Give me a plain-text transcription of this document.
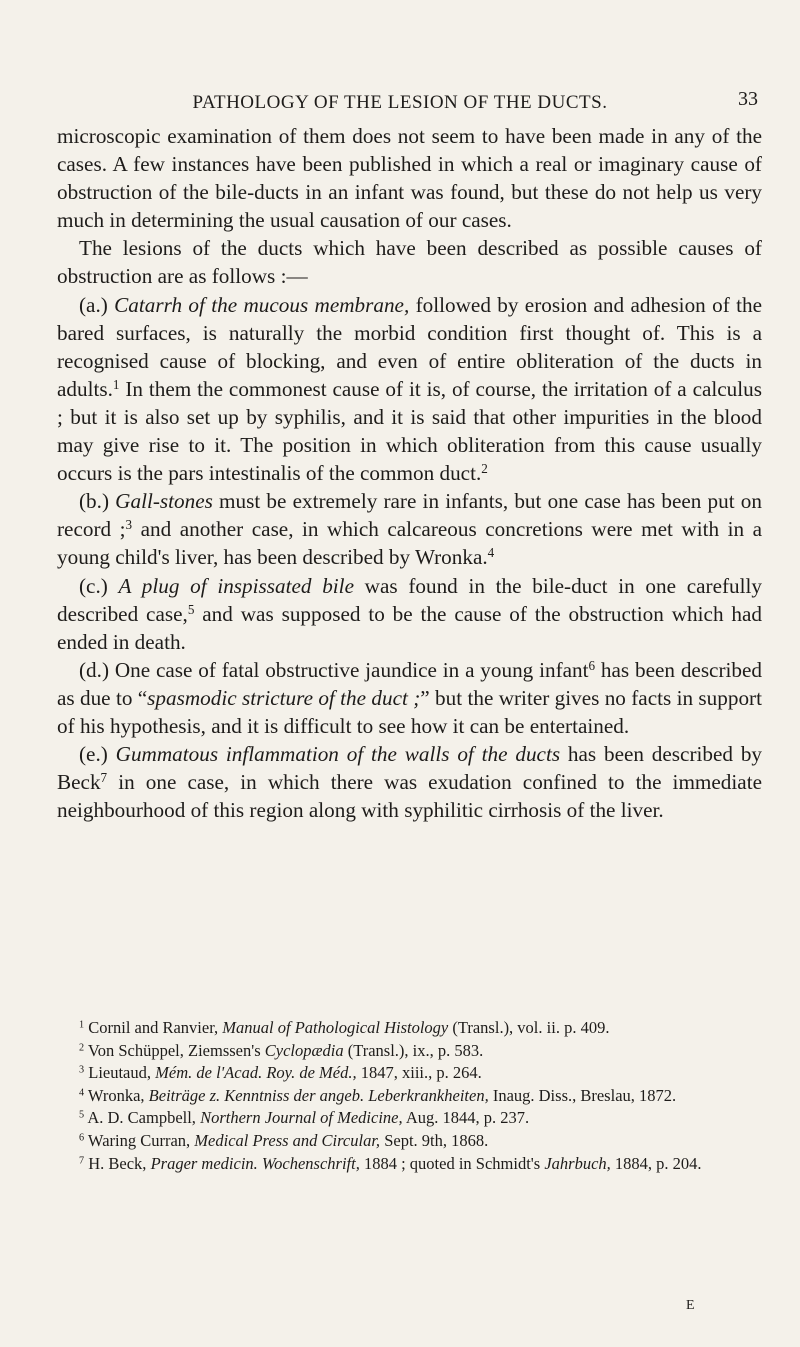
PATHOLOGY OF THE LESION OF THE DUCTS.	33

microscopic examination of them does not seem to have been made in any of the cases. A few instances have been published in which a real or imaginary cause of obstruction of the bile-ducts in an infant was found, but these do not help us very much in determining the usual causation of our cases.

The lesions of the ducts which have been described as possible causes of obstruction are as follows :—

(a.) Catarrh of the mucous membrane, followed by erosion and adhesion of the bared surfaces, is naturally the morbid condition first thought of. This is a recognised cause of blocking, and even of entire obliteration of the ducts in adults.$^1$ In them the commonest cause of it is, of course, the irritation of a calculus ; but it is also set up by syphilis, and it is said that other impurities in the blood may give rise to it. The position in which obliteration from this cause usually occurs is the pars intestinalis of the common duct.$^2$

(b.) Gall-stones must be extremely rare in infants, but one case has been put on record ;$^3$ and another case, in which calcareous concretions were met with in a young child's liver, has been described by Wronka.$^4$

(c.) A plug of inspissated bile was found in the bile-duct in one carefully described case,$^5$ and was supposed to be the cause of the obstruction which had ended in death.

(d.) One case of fatal obstructive jaundice in a young infant$^6$ has been described as due to “spasmodic stricture of the duct ;” but the writer gives no facts in support of his hypothesis, and it is difficult to see how it can be entertained.

(e.) Gummatous inflammation of the walls of the ducts has been described by Beck$^7$ in one case, in which there was exudation confined to the immediate neighbourhood of this region along with syphilitic cirrhosis of the liver.

$^1$ Cornil and Ranvier, Manual of Pathological Histology (Transl.), vol. ii. p. 409.

$^2$ Von Schüppel, Ziemssen's Cyclopædia (Transl.), ix., p. 583.

$^3$ Lieutaud, Mém. de l'Acad. Roy. de Méd., 1847, xiii., p. 264.

$^4$ Wronka, Beiträge z. Kenntniss der angeb. Leberkrankheiten, Inaug. Diss., Breslau, 1872.

$^5$ A. D. Campbell, Northern Journal of Medicine, Aug. 1844, p. 237.

$^6$ Waring Curran, Medical Press and Circular, Sept. 9th, 1868.

$^7$ H. Beck, Prager medicin. Wochenschrift, 1884 ; quoted in Schmidt's Jahrbuch, 1884, p. 204.

E
